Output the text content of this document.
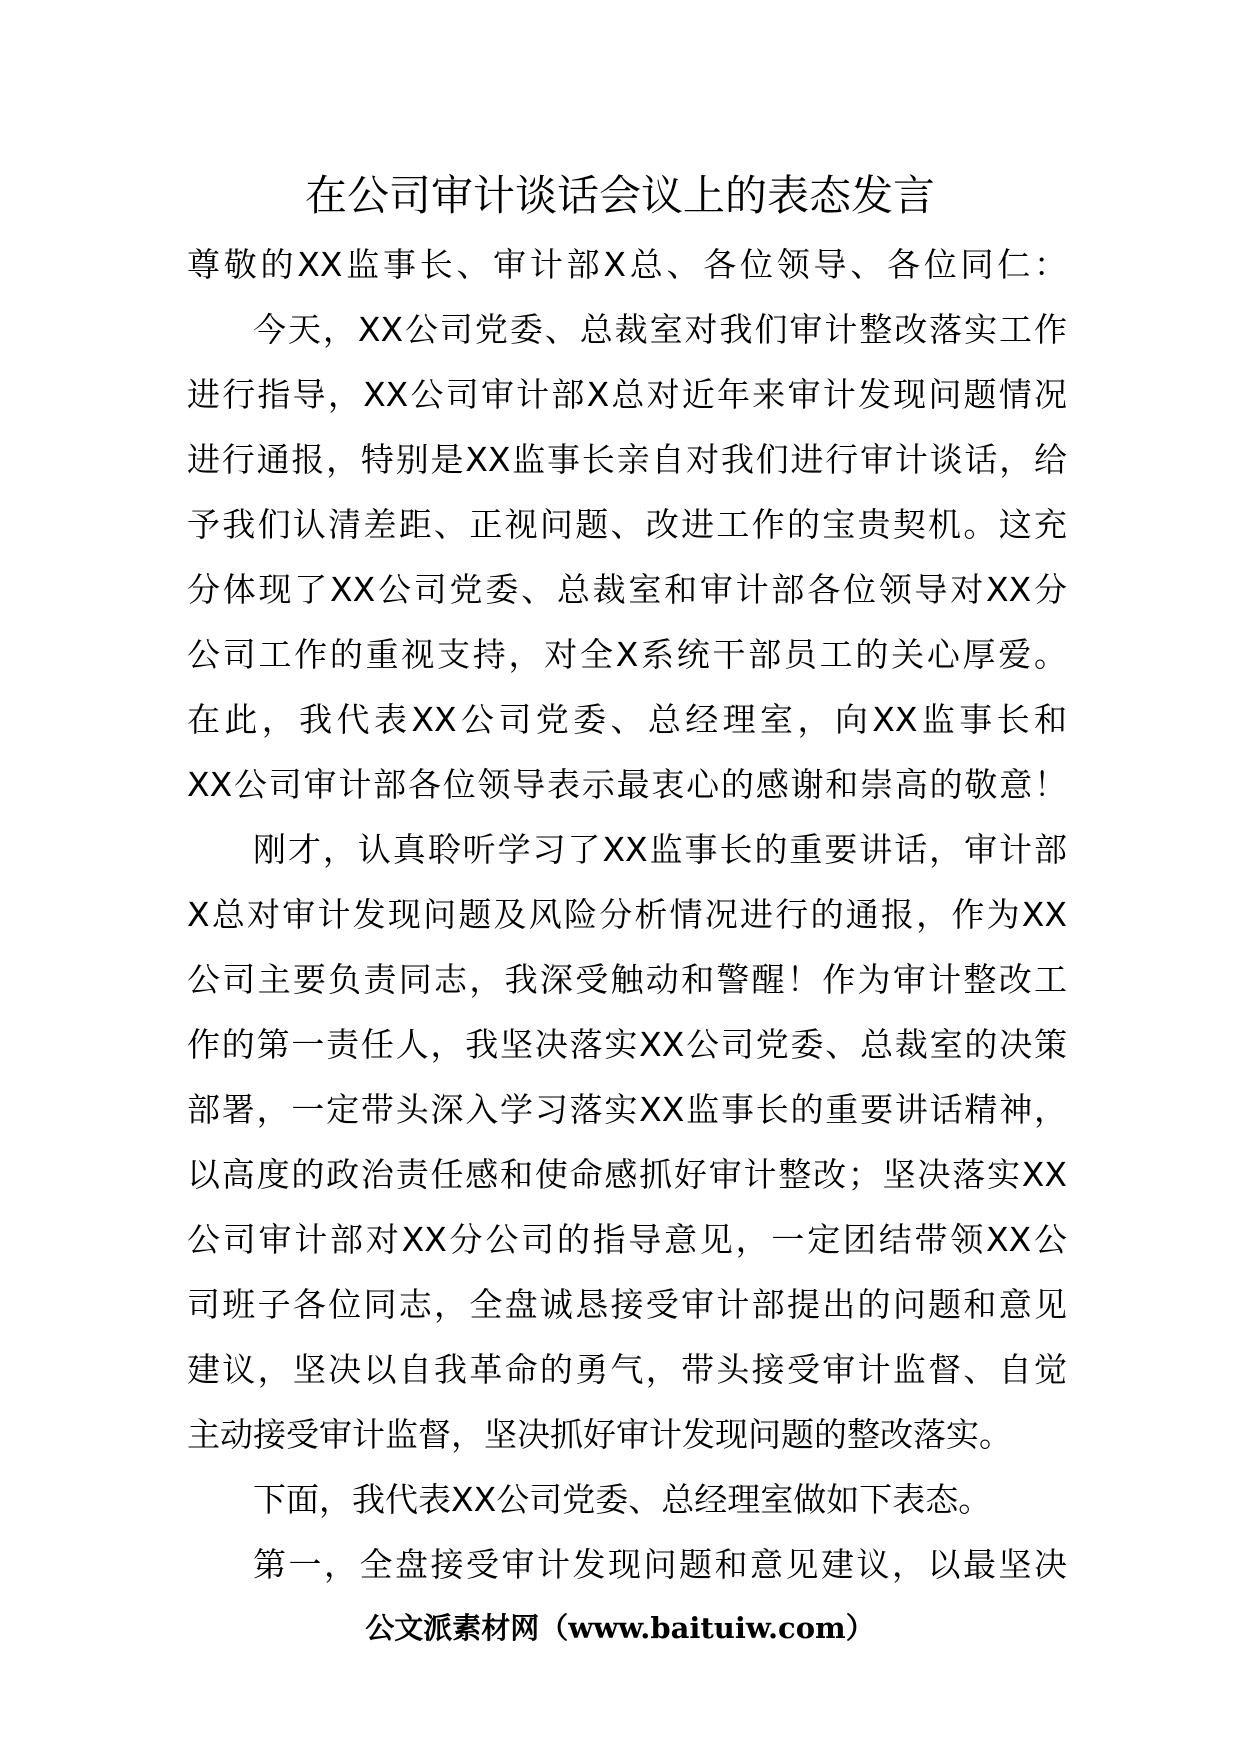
在公司审计谈话会议上的表态发言
尊敬的XX监事长、审计部X总、各位领导、各位同仁：
今天，XX公司党委、总裁室对我们审计整改落实工作
进行指导，XX公司审计部X总对近年来审计发现问题情况
进行通报，特别是XX监事长亲自对我们进行审计谈话，给
予我们认清差距、正视问题、改进工作的宝贵契机。这充
分体现了XX公司党委、总裁室和审计部各位领导对XX分
公司工作的重视支持，对全X系统干部员工的关心厚爱。
在此，我代表XX公司党委、总经理室，向XX监事长和
XX公司审计部各位领导表示最衷心的感谢和崇高的敬意！
刚才，认真聆听学习了XX监事长的重要讲话，审计部
X总对审计发现问题及风险分析情况进行的通报，作为XX
公司主要负责同志，我深受触动和警醒！作为审计整改工
作的第一责任人，我坚决落实XX公司党委、总裁室的决策
部署，一定带头深入学习落实XX监事长的重要讲话精神，
以高度的政治责任感和使命感抓好审计整改；坚决落实XX
公司审计部对XX分公司的指导意见，一定团结带领XX公
司班子各位同志，全盘诚恳接受审计部提出的问题和意见
建议，坚决以自我革命的勇气，带头接受审计监督、自觉
主动接受审计监督，坚决抓好审计发现问题的整改落实。
下面，我代表XX公司党委、总经理室做如下表态。
第一，全盘接受审计发现问题和意见建议，以最坚决
公文派素材网（www.baituiw.com）
